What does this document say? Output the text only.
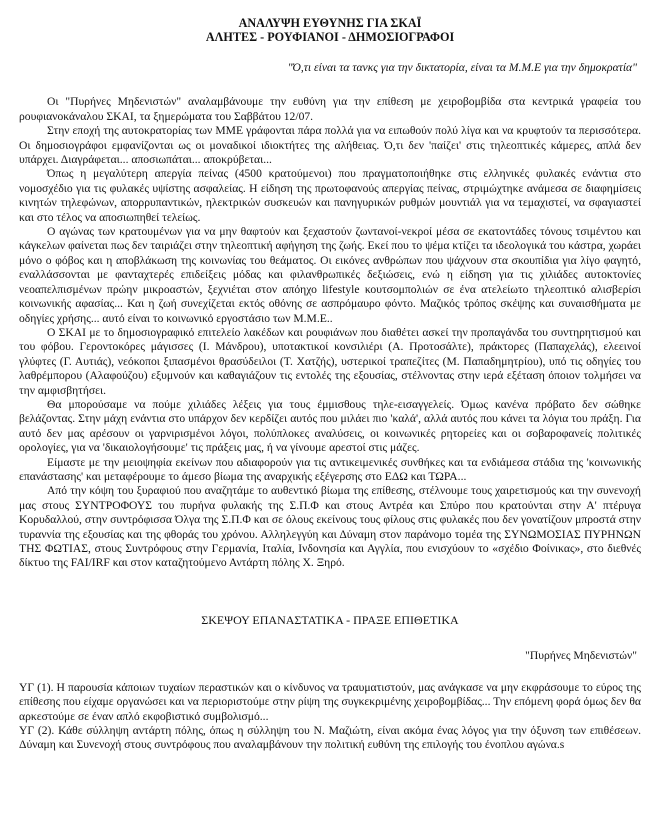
ΑΝΑΛΥΨΗ ΕΥΘΥΝΗΣ ΓΙΑ ΣΚΑΪ
ΑΛΗΤΕΣ - ΡΟΥΦΙΑΝΟΙ - ΔΗΜΟΣΙΟΓΡΑΦΟΙ
"Ό,τι είναι τα τανκς για την δικτατορία, είναι τα Μ.Μ.Ε για την δημοκρατία"

Οι "Πυρήνες Μηδενιστών" αναλαμβάνουμε την ευθύνη για την επίθεση με χειροβομβίδα στα κεντρικά γραφεία του ρουφιανοκάναλου ΣΚΑΙ, τα ξημερώματα του Σαββάτου 12/07.

Στην εποχή της αυτοκρατορίας των ΜΜΕ γράφονται πάρα πολλά για να ειπωθούν πολύ λίγα και να κρυφτούν τα περισσότερα. Οι δημοσιογράφοι εμφανίζονται ως οι μοναδικοί ιδιοκτήτες της αλήθειας. Ό,τι δεν 'παίζει' στις τηλεοπτικές κάμερες, απλά δεν υπάρχει. Διαγράφεται... αποσιωπάται... αποκρύβεται...

Όπως η μεγαλύτερη απεργία πείνας (4500 κρατούμενοι) που πραγματοποιήθηκε στις ελληνικές φυλακές ενάντια στο νομοσχέδιο για τις φυλακές υψίστης ασφαλείας. Η είδηση της πρωτοφανούς απεργίας πείνας, στριμώχτηκε ανάμεσα σε διαφημίσεις κινητών τηλεφώνων, απορρυπαντικών, ηλεκτρικών συσκευών και πανηγυρικών ρυθμών μουντιάλ για να τεμαχιστεί, να σφαγιαστεί και στο τέλος να αποσιωπηθεί τελείως.

Ο αγώνας των κρατουμένων για να μην θαφτούν και ξεχαστούν ζωντανοί-νεκροί μέσα σε εκατοντάδες τόνους τσιμέντου και κάγκελων φαίνεται πως δεν ταιριάζει στην τηλεοπτική αφήγηση της ζωής. Εκεί που το ψέμα κτίζει τα ιδεολογικά του κάστρα, χωράει μόνο ο φόβος και η αποβλάκωση της κοινωνίας του θεάματος. Οι εικόνες ανθρώπων που ψάχνουν στα σκουπίδια για λίγο φαγητό, εναλλάσσονται με φανταχτερές επιδείξεις μόδας και φιλανθρωπικές δεξιώσεις, ενώ η είδηση για τις χιλιάδες αυτοκτονίες νεοαπελπισμένων πρώην μικροαστών, ξεχνιέται στον απόηχο lifestyle κουτσομπολιών σε ένα ατελείωτο τηλεοπτικό αλισβερίσι κοινωνικής αφασίας... Και η ζωή συνεχίζεται εκτός οθόνης σε ασπρόμαυρο φόντο. Μαζικός τρόπος σκέψης και συναισθήματα με οδηγίες χρήσης... αυτό είναι το κοινωνικό εργοστάσιο των Μ.Μ.Ε..

Ο ΣΚΑΙ με το δημοσιογραφικό επιτελείο λακέδων και ρουφιάνων που διαθέτει ασκεί την προπαγάνδα του συντηρητισμού και του φόβου. Γεροντοκόρες μάγισσες (Ι. Μάνδρου), υποτακτικοί κονσιλιέρι (Α. Προτοσάλτε), πράκτορες (Παπαχελάς), ελεεινοί γλύφτες (Γ. Αυτιάς), νεόκοποι ξιπασμένοι θρασύδειλοι (Τ. Χατζής), υστερικοί τραπεζίτες (Μ. Παπαδημητρίου), υπό τις οδηγίες του λαθρέμπορου (Αλαφούζου) εξυμνούν και καθαγιάζουν τις εντολές της εξουσίας, στέλνοντας στην ιερά εξέταση όποιον τολμήσει να την αμφισβητήσει.

Θα μπορούσαμε να πούμε χιλιάδες λέξεις για τους έμμισθους τηλε-εισαγγελείς. Όμως κανένα πρόβατο δεν σώθηκε βελάζοντας. Στην μάχη ενάντια στο υπάρχον δεν κερδίζει αυτός που μιλάει πιο 'καλά', αλλά αυτός που κάνει τα λόγια του πράξη. Για αυτό δεν μας αρέσουν οι γαρνιρισμένοι λόγοι, πολύπλοκες αναλύσεις, οι κοινωνικές ρητορείες και οι σοβαροφανείς πολιτικές ορολογίες, για να 'δικαιολογήσουμε' τις πράξεις μας, ή να γίνουμε αρεστοί στις μάζες.

Είμαστε με την μειοψηφία εκείνων που αδιαφορούν για τις αντικειμενικές συνθήκες και τα ενδιάμεσα στάδια της 'κοινωνικής επανάστασης' και μεταφέρουμε το άμεσο βίωμα της αναρχικής εξέγερσης στο ΕΔΩ και ΤΩΡΑ...

Από την κόψη του ξυραφιού που αναζητάμε το αυθεντικό βίωμα της επίθεσης, στέλνουμε τους χαιρετισμούς και την συνενοχή μας στους ΣΥΝΤΡΟΦΟΥΣ του πυρήνα φυλακής της Σ.Π.Φ και στους Αντρέα και Σπύρο που κρατούνται στην Α' πτέρυγα Κορυδαλλού, στην συντρόφισσα Όλγα της Σ.Π.Φ και σε όλους εκείνους τους φίλους στις φυλακές που δεν γονατίζουν μπροστά στην τυραννία της εξουσίας και της φθοράς του χρόνου. Αλληλεγγύη και Δύναμη στον παράνομο τομέα της ΣΥΝΩΜΟΣΙΑΣ ΠΥΡΗΝΩΝ ΤΗΣ ΦΩΤΙΑΣ, στους Συντρόφους στην Γερμανία, Ιταλία, Ινδονησία και Αγγλία, που ενισχύουν το «σχέδιο Φοίνικας», στο διεθνές δίκτυο της FAI/IRF και στον καταζητούμενο Αντάρτη πόλης Χ. Ξηρό.

ΣΚΕΨΟΥ ΕΠΑΝΑΣΤΑΤΙΚΑ - ΠΡΑΞΕ ΕΠΙΘΕΤΙΚΑ
"Πυρήνες Μηδενιστών"

ΥΓ (1). Η παρουσία κάποιων τυχαίων περαστικών και ο κίνδυνος να τραυματιστούν, μας ανάγκασε να μην εκφράσουμε το εύρος της επίθεσης που είχαμε οργανώσει και να περιοριστούμε στην ρίψη της συγκεκριμένης χειροβομβίδας... Την επόμενη φορά όμως δεν θα αρκεστούμε σε έναν απλό εκφοβιστικό συμβολισμό...

ΥΓ (2). Κάθε σύλληψη αντάρτη πόλης, όπως η σύλληψη του Ν. Μαζιώτη, είναι ακόμα ένας λόγος για την όξυνση των επιθέσεων. Δύναμη και Συνενοχή στους συντρόφους που αναλαμβάνουν την πολιτική ευθύνη της επιλογής του ένοπλου αγώνα.s
